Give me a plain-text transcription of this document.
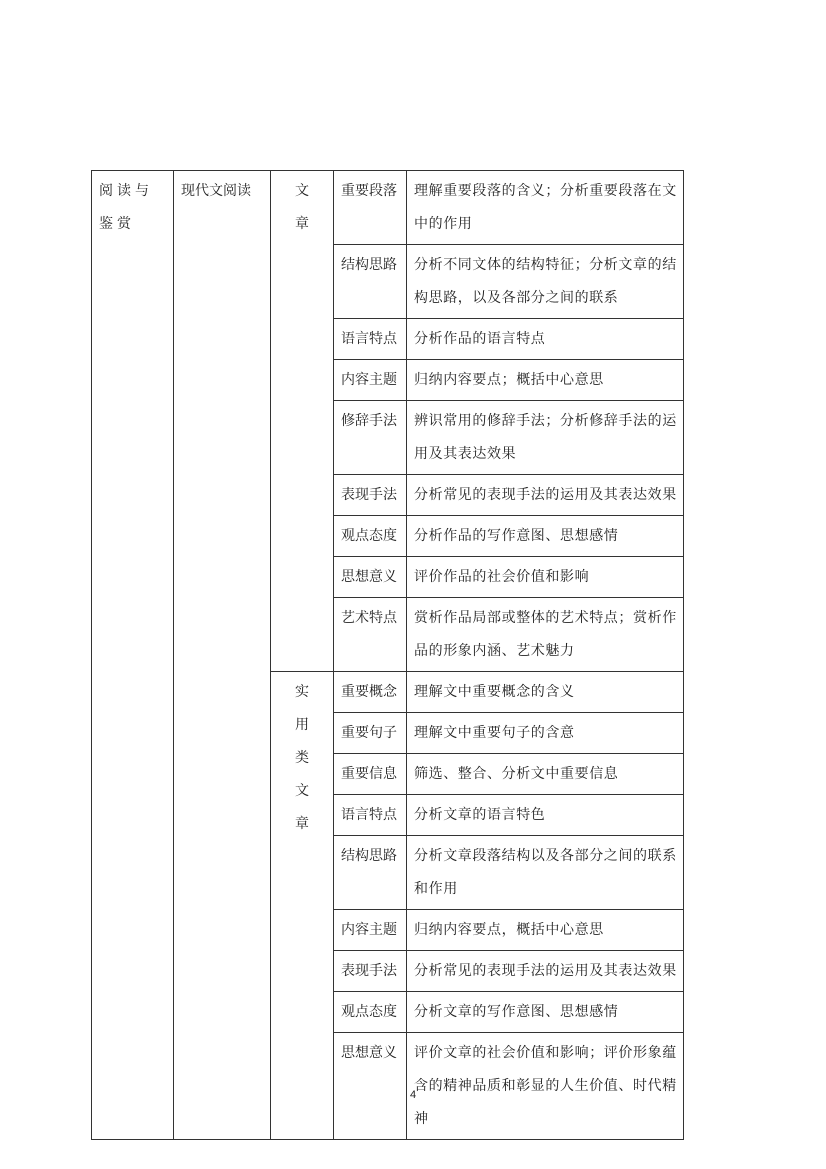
阅读与鉴赏	现代文阅读	文章	重要段落	理解重要段落的含义；分析重要段落在文中的作用
			结构思路	分析不同文体的结构特征；分析文章的结构思路，以及各部分之间的联系
			语言特点	分析作品的语言特点
			内容主题	归纳内容要点；概括中心意思
			修辞手法	辨识常用的修辞手法；分析修辞手法的运用及其表达效果
			表现手法	分析常见的表现手法的运用及其表达效果
			观点态度	分析作品的写作意图、思想感情
			思想意义	评价作品的社会价值和影响
			艺术特点	赏析作品局部或整体的艺术特点；赏析作品的形象内涵、艺术魅力
		实用类文章	重要概念	理解文中重要概念的含义
			重要句子	理解文中重要句子的含意
			重要信息	筛选、整合、分析文中重要信息
			语言特点	分析文章的语言特色
			结构思路	分析文章段落结构以及各部分之间的联系和作用
			内容主题	归纳内容要点，概括中心意思
			表现手法	分析常见的表现手法的运用及其表达效果
			观点态度	分析文章的写作意图、思想感情
			思想意义	评价文章的社会价值和影响；评价形象蕴含的精神品质和彰显的人生价值、时代精神
4
